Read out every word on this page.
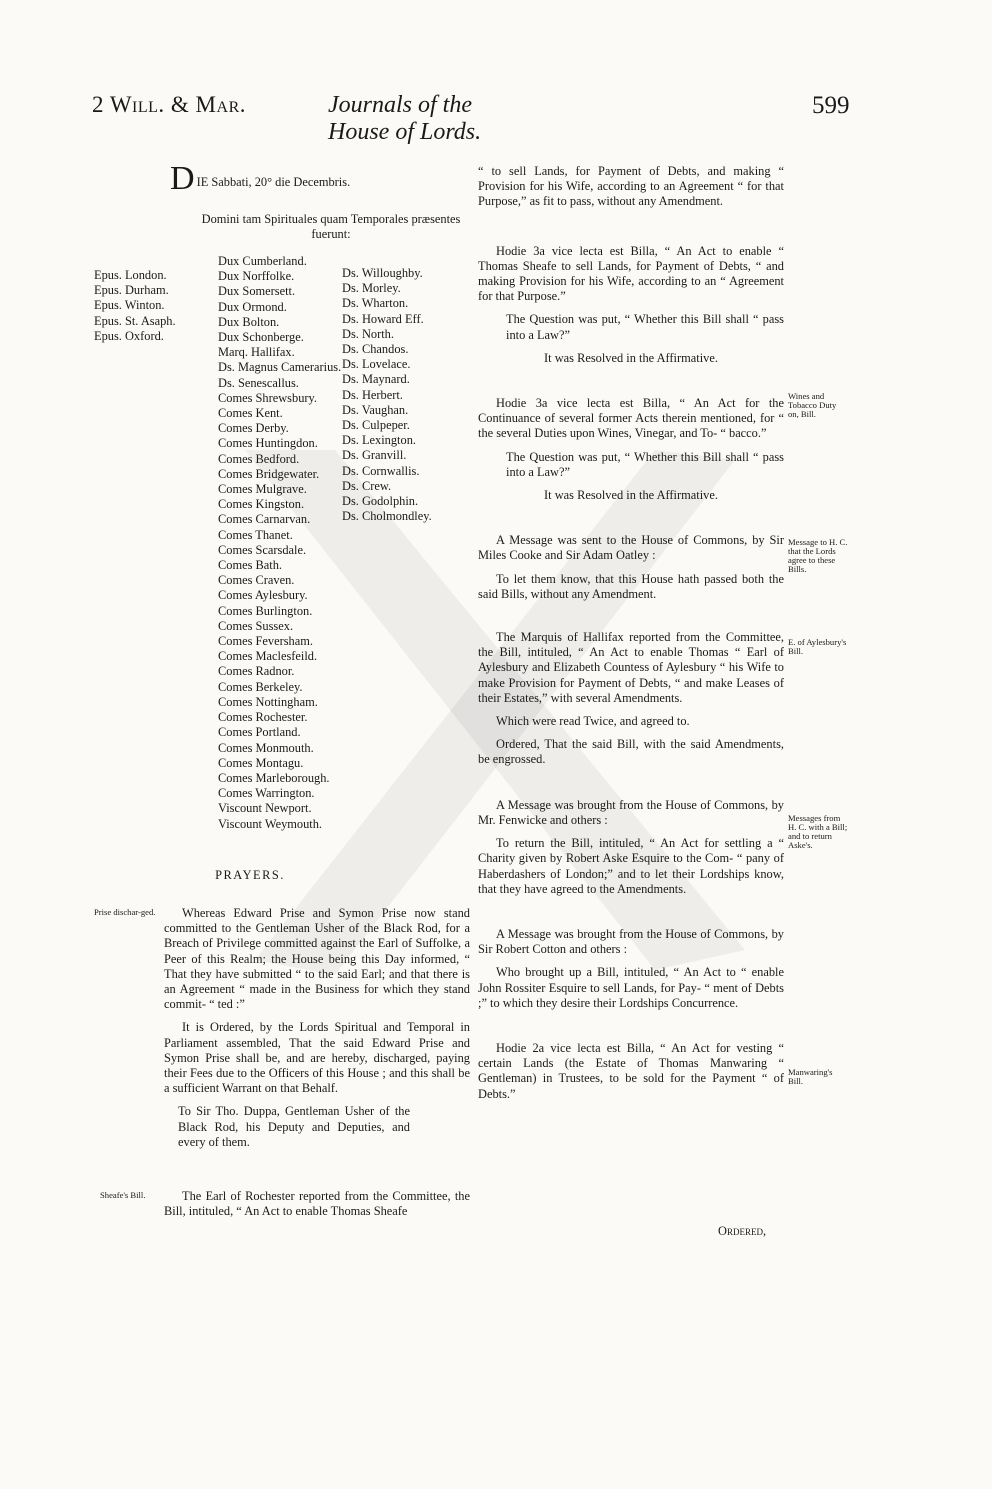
2 Will. & Mar.	Journals of the House of Lords.
599
D IE Sabbati, 20° die Decembris.
Domini tam Spirituales quam Temporales præsentes fuerunt:
Epus. London.
Epus. Durham.
Epus. Winton.
Epus. St. Asaph.
Epus. Oxford.
Dux Cumberland.
Dux Norffolke.
Dux Somersett.
Dux Ormond.
Dux Bolton.
Dux Schonberge.
Marq. Hallifax.
Ds. Magnus Camerarius.
Ds. Senescallus.
Comes Shrewsbury.
Comes Kent.
Comes Derby.
Comes Huntingdon.
Comes Bedford.
Comes Bridgewater.
Comes Mulgrave.
Comes Kingston.
Comes Carnarvan.
Comes Thanet.
Comes Scarsdale.
Comes Bath.
Comes Craven.
Comes Aylesbury.
Comes Burlington.
Comes Sussex.
Comes Feversham.
Comes Maclesfeild.
Comes Radnor.
Comes Berkeley.
Comes Nottingham.
Comes Rochester.
Comes Portland.
Comes Monmouth.
Comes Montagu.
Comes Marleborough.
Comes Warrington.
Viscount Newport.
Viscount Weymouth.
Ds. Willoughby.
Ds. Morley.
Ds. Wharton.
Ds. Howard Eff.
Ds. North.
Ds. Chandos.
Ds. Lovelace.
Ds. Maynard.
Ds. Herbert.
Ds. Vaughan.
Ds. Culpeper.
Ds. Lexington.
Ds. Granvill.
Ds. Cornwallis.
Ds. Crew.
Ds. Godolphin.
Ds. Cholmondley.
PRAYERS.
Prise dischar-ged.	Whereas Edward Prise and Symon Prise now stand committed to the Gentleman Usher of the Black Rod, for a Breach of Privilege committed against the Earl of Suffolke, a Peer of this Realm; the House being this Day informed, “ That they have submitted “ to the said Earl; and that there is an Agreement “ made in the Business for which they stand commit- “ ted :”

It is Ordered, by the Lords Spiritual and Temporal in Parliament assembled, That the said Edward Prise and Symon Prise shall be, and are hereby, discharged, paying their Fees due to the Officers of this House ; and this shall be a sufficient Warrant on that Behalf.

To Sir Tho. Duppa, Gentleman Usher of the Black Rod, his Deputy and Deputies, and every of them.

Sheafe's Bill.	The Earl of Rochester reported from the Committee, the Bill, intituled, “ An Act to enable Thomas Sheafe

“ to sell Lands, for Payment of Debts, and making “ Provision for his Wife, according to an Agreement “ for that Purpose,” as fit to pass, without any Amendment.

Hodie 3a vice lecta est Billa, “ An Act to enable “ Thomas Sheafe to sell Lands, for Payment of Debts, “ and making Provision for his Wife, according to an “ Agreement for that Purpose.”

The Question was put, “ Whether this Bill shall “ pass into a Law?”

It was Resolved in the Affirmative.

Hodie 3a vice lecta est Billa, “ An Act for the Continuance of several former Acts therein mentioned, for “ the several Duties upon Wines, Vinegar, and To- “ bacco.”

The Question was put, “ Whether this Bill shall “ pass into a Law?”

It was Resolved in the Affirmative.

A Message was sent to the House of Commons, by Sir Miles Cooke and Sir Adam Oatley :

To let them know, that this House hath passed both the said Bills, without any Amendment.

The Marquis of Hallifax reported from the Committee, the Bill, intituled, “ An Act to enable Thomas “ Earl of Aylesbury and Elizabeth Countess of Aylesbury “ his Wife to make Provision for Payment of Debts, “ and make Leases of their Estates,” with several Amendments.

Which were read Twice, and agreed to.

Ordered, That the said Bill, with the said Amendments, be engrossed.

A Message was brought from the House of Commons, by Mr. Fenwicke and others :

To return the Bill, intituled, “ An Act for settling a “ Charity given by Robert Aske Esquire to the Com- “ pany of Haberdashers of London;” and to let their Lordships know, that they have agreed to the Amendments.

A Message was brought from the House of Commons, by Sir Robert Cotton and others :

Who brought up a Bill, intituled, “ An Act to “ enable John Rossiter Esquire to sell Lands, for Pay- “ ment of Debts ;” to which they desire their Lordships Concurrence.

Hodie 2a vice lecta est Billa, “ An Act for vesting “ certain Lands (the Estate of Thomas Manwaring “ Gentleman) in Trustees, to be sold for the Payment “ of Debts.”

Wines and Tobacco Duty on, Bill.
Message to H. C. that the Lords agree to these Bills.
E. of Aylesbury's Bill.
Messages from H. C. with a Bill; and to return Aske's.
Manwaring's Bill.
Ordered,
